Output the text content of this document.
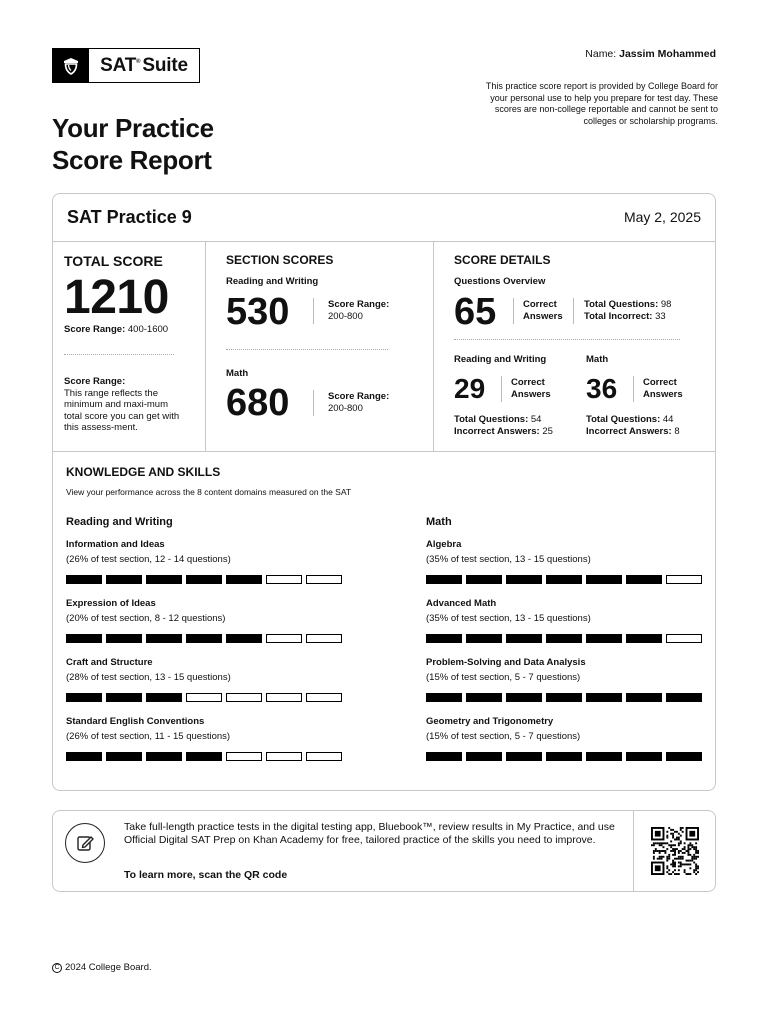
SAT® Suite
Your Practice
Score Report
Name: Jassim Mohammed
This practice score report is provided by College Board for your personal use to help you prepare for test day. These scores are non-college reportable and cannot be sent to colleges or scholarship programs.
SAT Practice 9	May 2, 2025
TOTAL SCORE
1210
Score Range: 400-1600
Score Range:
This range reflects the minimum and maxi-mum total score you can get with this assess-ment.
SECTION SCORES
Reading and Writing
530	Score Range:
200-800
Math
680	Score Range:
200-800
SCORE DETAILS
Questions Overview
65	Correct
Answers
Total Questions: 98
Total Incorrect: 33
Reading and Writing
29	Correct
Answers
Total Questions: 54
Incorrect Answers: 25
Math
36	Correct
Answers
Total Questions: 44
Incorrect Answers: 8
KNOWLEDGE AND SKILLS
View your performance across the 8 content domains measured on the SAT
Reading and Writing
Information and Ideas
(26% of test section, 12 - 14 questions)
Expression of Ideas
(20% of test section, 8 - 12 questions)
Craft and Structure
(28% of test section, 13 - 15 questions)
Standard English Conventions
(26% of test section, 11 - 15 questions)
Math
Algebra
(35% of test section, 13 - 15 questions)
Advanced Math
(35% of test section, 13 - 15 questions)
Problem-Solving and Data Analysis
(15% of test section, 5 - 7 questions)
Geometry and Trigonometry
(15% of test section, 5 - 7 questions)
Take full-length practice tests in the digital testing app, Bluebook™, review results in My Practice, and use Official Digital SAT Prep on Khan Academy for free, tailored practice of the skills you need to improve.
To learn more, scan the QR code
C 2024 College Board.
